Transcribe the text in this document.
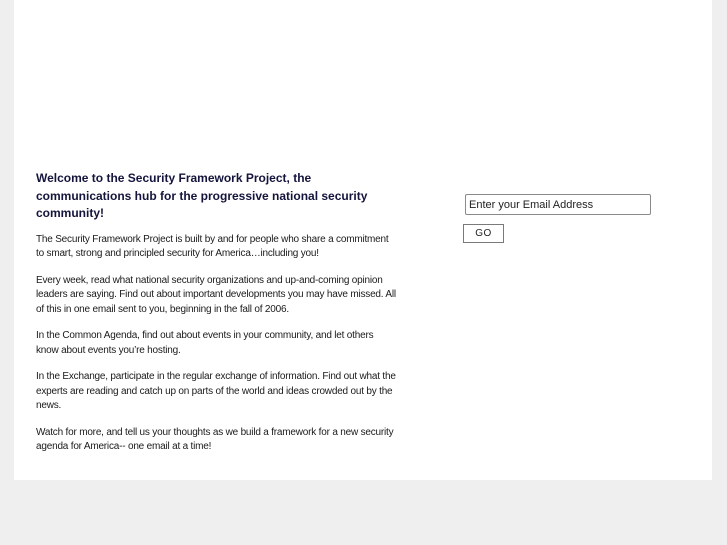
Welcome to the Security Framework Project, the communications hub for the progressive national security community!

The Security Framework Project is built by and for people who share a commitment to smart, strong and principled security for America…including you!

Every week, read what national security organizations and up-and-coming opinion leaders are saying. Find out about important developments you may have missed. All of this in one email sent to you, beginning in the fall of 2006.

In the Common Agenda, find out about events in your community, and let others know about events you’re hosting.

In the Exchange, participate in the regular exchange of information. Find out what the experts are reading and catch up on parts of the world and ideas crowded out by the news.

Watch for more, and tell us your thoughts as we build a framework for a new security agenda for America-- one email at a time!

Enter your Email Address
GO
